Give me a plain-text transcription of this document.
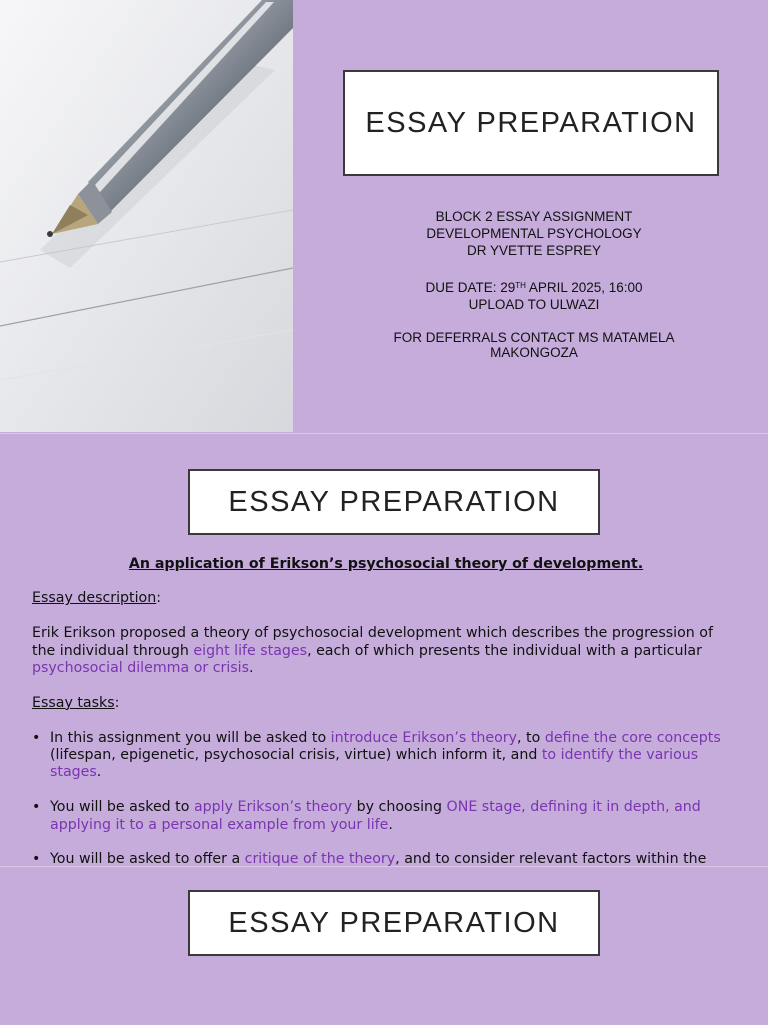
ESSAY PREPARATION
BLOCK 2 ESSAY ASSIGNMENT
DEVELOPMENTAL PSYCHOLOGY
DR YVETTE ESPREY
DUE DATE: 29TH APRIL 2025, 16:00
UPLOAD TO ULWAZI
FOR DEFERRALS CONTACT MS MATAMELA MAKONGOZA
ESSAY PREPARATION

An application of Erikson’s psychosocial theory of development.

Essay description:

Erik Erikson proposed a theory of psychosocial development which describes the progression of the individual through eight life stages, each of which presents the individual with a particular psychosocial dilemma or crisis.

Essay tasks:

• In this assignment you will be asked to introduce Erikson’s theory, to define the core concepts (lifespan, epigenetic, psychosocial crisis, virtue) which inform it, and to identify the various stages.
• You will be asked to apply Erikson’s theory by choosing ONE stage, defining it in depth, and applying it to a personal example from your life.
• You will be asked to offer a critique of the theory, and to consider relevant factors within the
ESSAY PREPARATION
